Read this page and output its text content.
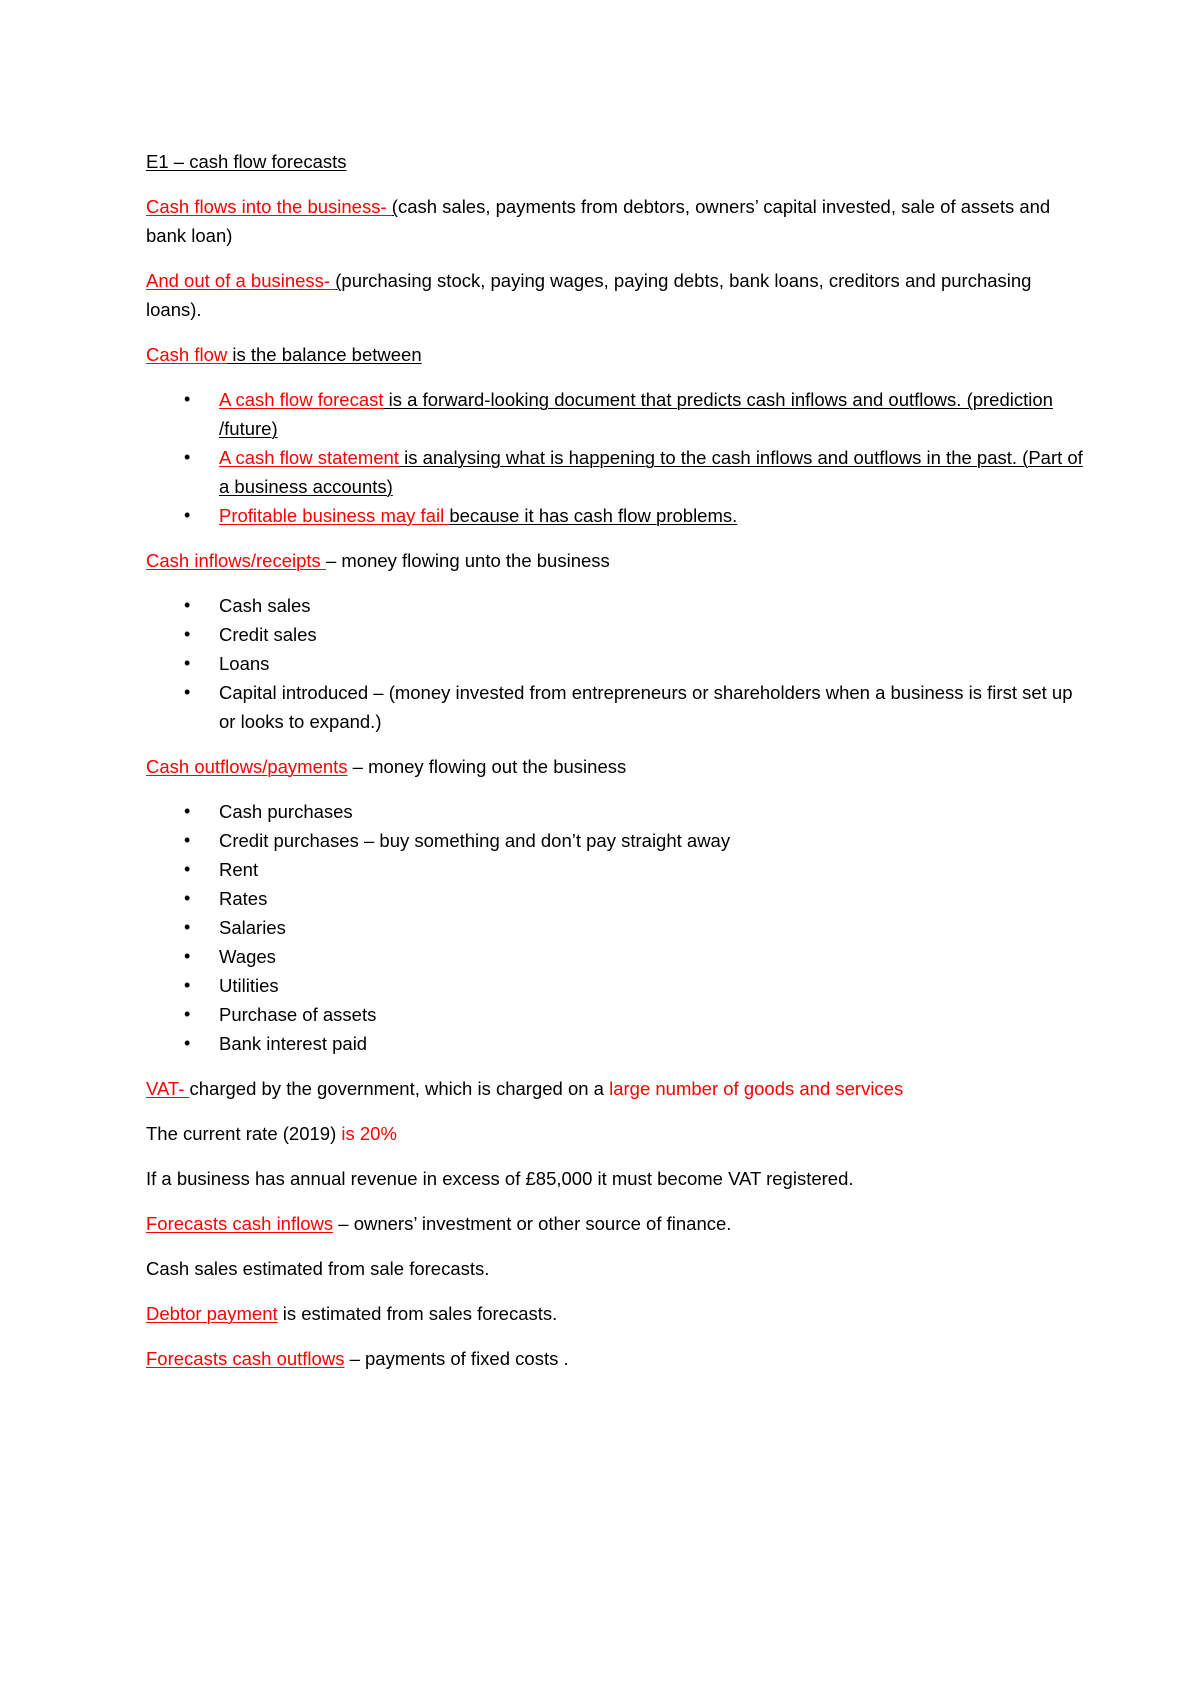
E1 – cash flow forecasts

Cash flows into the business- (cash sales, payments from debtors, owners’ capital invested, sale of assets and bank loan)

And out of a business- (purchasing stock, paying wages, paying debts, bank loans, creditors and purchasing loans).

Cash flow is the balance between

• A cash flow forecast is a forward-looking document that predicts cash inflows and outflows. (prediction /future)
• A cash flow statement is analysing what is happening to the cash inflows and outflows in the past. (Part of a business accounts)
• Profitable business may fail because it has cash flow problems.

Cash inflows/receipts – money flowing unto the business

• Cash sales
• Credit sales
• Loans
• Capital introduced – (money invested from entrepreneurs or shareholders when a business is first set up or looks to expand.)

Cash outflows/payments – money flowing out the business

• Cash purchases
• Credit purchases – buy something and don’t pay straight away
• Rent
• Rates
• Salaries
• Wages
• Utilities
• Purchase of assets
• Bank interest paid

VAT- charged by the government, which is charged on a large number of goods and services

The current rate (2019) is 20%

If a business has annual revenue in excess of £85,000 it must become VAT registered.

Forecasts cash inflows – owners’ investment or other source of finance.

Cash sales estimated from sale forecasts.

Debtor payment is estimated from sales forecasts.

Forecasts cash outflows – payments of fixed costs .
